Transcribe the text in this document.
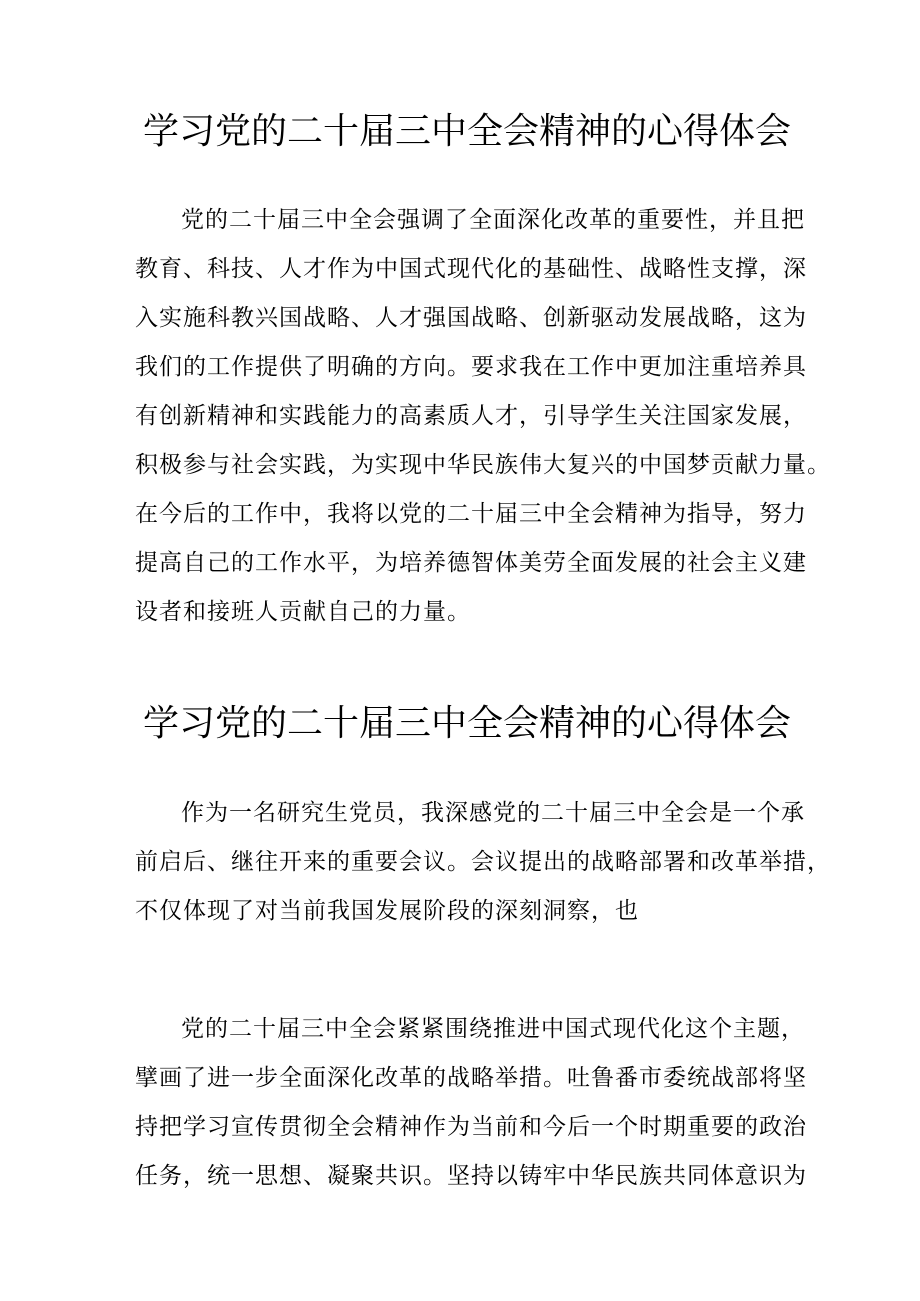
学习党的二十届三中全会精神的心得体会
党的二十届三中全会强调了全面深化改革的重要性，并且把
教育、科技、人才作为中国式现代化的基础性、战略性支撑，深
入实施科教兴国战略、人才强国战略、创新驱动发展战略，这为
我们的工作提供了明确的方向。要求我在工作中更加注重培养具
有创新精神和实践能力的高素质人才，引导学生关注国家发展，
积极参与社会实践，为实现中华民族伟大复兴的中国梦贡献力量。
在今后的工作中，我将以党的二十届三中全会精神为指导，努力
提高自己的工作水平，为培养德智体美劳全面发展的社会主义建
设者和接班人贡献自己的力量。
学习党的二十届三中全会精神的心得体会
作为一名研究生党员，我深感党的二十届三中全会是一个承
前启后、继往开来的重要会议。会议提出的战略部署和改革举措，
不仅体现了对当前我国发展阶段的深刻洞察，也
党的二十届三中全会紧紧围绕推进中国式现代化这个主题，
擘画了进一步全面深化改革的战略举措。吐鲁番市委统战部将坚
持把学习宣传贯彻全会精神作为当前和今后一个时期重要的政治
任务，统一思想、凝聚共识。坚持以铸牢中华民族共同体意识为
